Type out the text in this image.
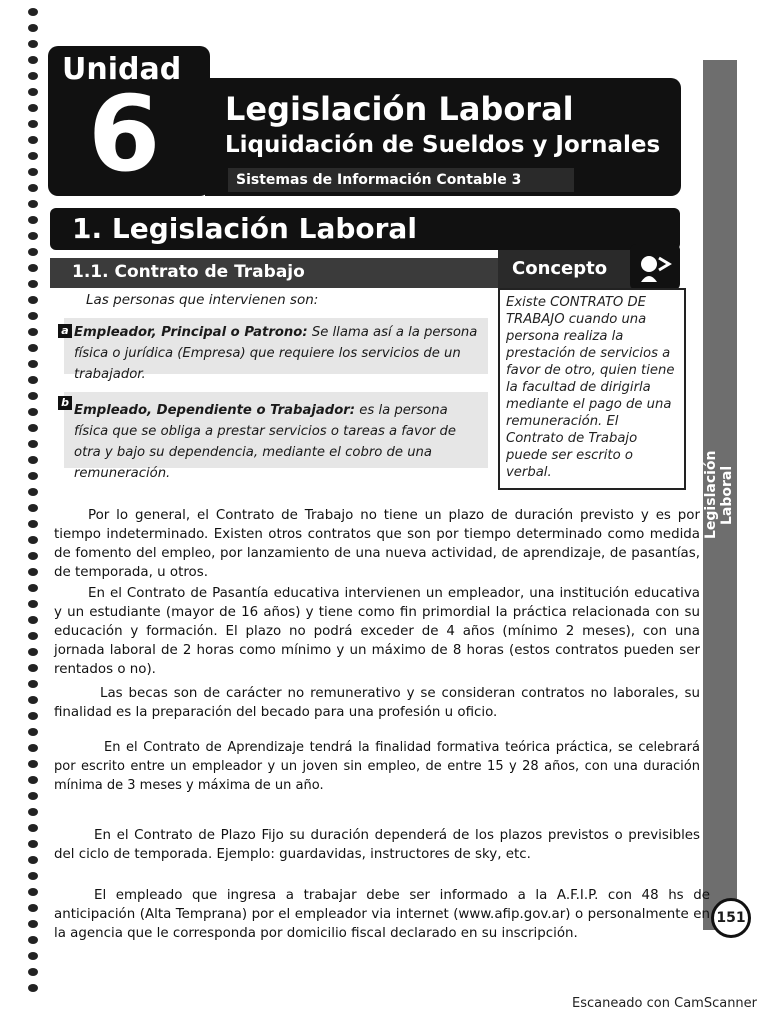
✎
Legislación Laboral
151
Unidad
6 Legislación Laboral
Liquidación de Sueldos y Jornales
Sistemas de Información Contable 3
1. Legislación Laboral
1.1. Contrato de Trabajo	Concepto
Existe CONTRATO DE TRABAJO cuando una persona realiza la prestación de servicios a favor de otro, quien tiene la facultad de dirigirla mediante el pago de una remuneración. El Contrato de Trabajo puede ser escrito o verbal.
Las personas que intervienen son:
a Empleador, Principal o Patrono: Se llama así a la persona física o jurídica (Empresa) que requiere los servicios de un trabajador.
b
Empleado, Dependiente o Trabajador: es la persona física que se obliga a prestar servicios o tareas a favor de otra y bajo su dependencia, mediante el cobro de una remuneración.
Por lo general, el Contrato de Trabajo no tiene un plazo de duración previsto y es por tiempo indeterminado. Existen otros contratos que son por tiempo determinado como medida de fomento del empleo, por lanzamiento de una nueva actividad, de aprendizaje, de pasantías, de temporada, u otros.
En el Contrato de Pasantía educativa intervienen un empleador, una institución educativa y un estudiante (mayor de 16 años) y tiene como fin primordial la práctica relacionada con su educación y formación. El plazo no podrá exceder de 4 años (mínimo 2 meses), con una jornada laboral de 2 horas como mínimo y un máximo de 8 horas (estos contratos pueden ser rentados o no).
Las becas son de carácter no remunerativo y se consideran contratos no laborales, su finalidad es la preparación del becado para una profesión u oficio.
En el Contrato de Aprendizaje tendrá la finalidad formativa teórica práctica, se celebrará por escrito entre un empleador y un joven sin empleo, de entre 15 y 28 años, con una duración mínima de 3 meses y máxima de un año.
En el Contrato de Plazo Fijo su duración dependerá de los plazos previstos o previsibles del ciclo de temporada. Ejemplo: guardavidas, instructores de sky, etc.
El empleado que ingresa a trabajar debe ser informado a la A.F.I.P. con 48 hs de anticipación (Alta Temprana) por el empleador via internet (www.afip.gov.ar) o personalmente en la agencia que le corresponda por domicilio fiscal declarado en su inscripción.
Escaneado con CamScanner
